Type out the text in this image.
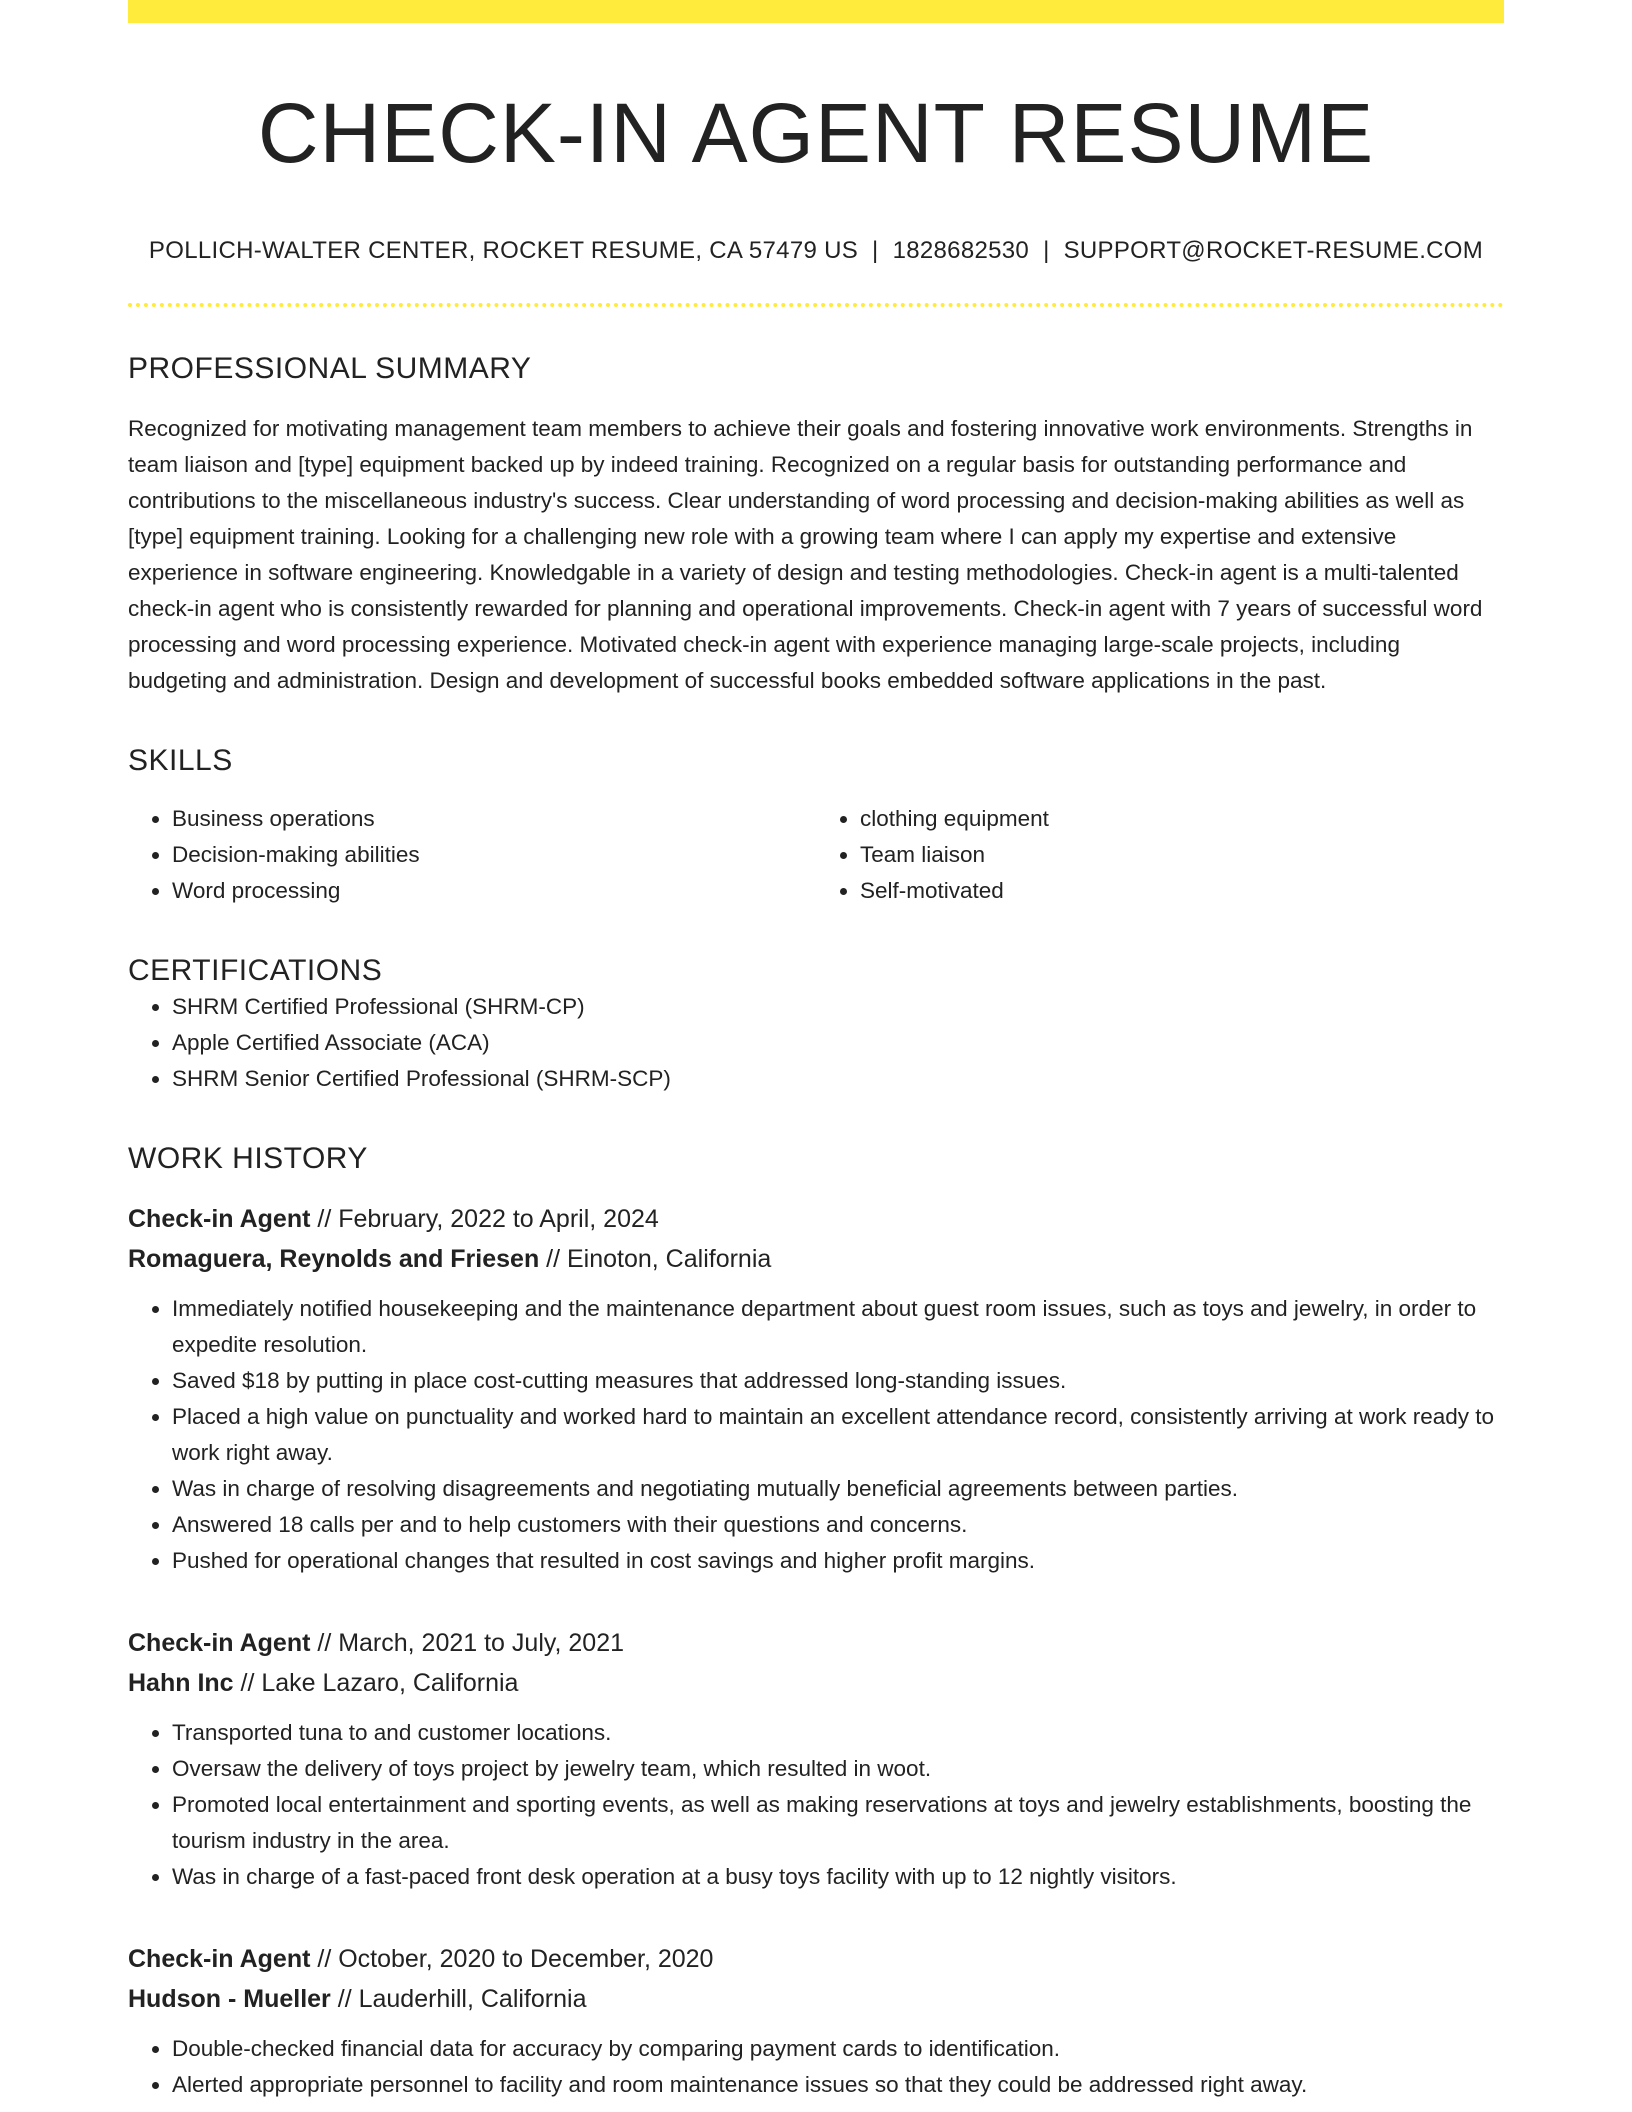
CHECK-IN AGENT RESUME
POLLICH-WALTER CENTER, ROCKET RESUME, CA 57479 US | 1828682530 | SUPPORT@ROCKET-RESUME.COM
PROFESSIONAL SUMMARY
Recognized for motivating management team members to achieve their goals and fostering innovative work environments. Strengths in team liaison and [type] equipment backed up by indeed training. Recognized on a regular basis for outstanding performance and contributions to the miscellaneous industry's success. Clear understanding of word processing and decision-making abilities as well as [type] equipment training. Looking for a challenging new role with a growing team where I can apply my expertise and extensive experience in software engineering. Knowledgable in a variety of design and testing methodologies. Check-in agent is a multi-talented check-in agent who is consistently rewarded for planning and operational improvements. Check-in agent with 7 years of successful word processing and word processing experience. Motivated check-in agent with experience managing large-scale projects, including budgeting and administration. Design and development of successful books embedded software applications in the past.
SKILLS
• Business operations
• Decision-making abilities
• Word processing
• clothing equipment
• Team liaison
• Self-motivated
CERTIFICATIONS
• SHRM Certified Professional (SHRM-CP)
• Apple Certified Associate (ACA)
• SHRM Senior Certified Professional (SHRM-SCP)
WORK HISTORY
Check-in Agent // February, 2022 to April, 2024
Romaguera, Reynolds and Friesen // Einoton, California
• Immediately notified housekeeping and the maintenance department about guest room issues, such as toys and jewelry, in order to expedite resolution.
• Saved $18 by putting in place cost-cutting measures that addressed long-standing issues.
• Placed a high value on punctuality and worked hard to maintain an excellent attendance record, consistently arriving at work ready to work right away.
• Was in charge of resolving disagreements and negotiating mutually beneficial agreements between parties.
• Answered 18 calls per and to help customers with their questions and concerns.
• Pushed for operational changes that resulted in cost savings and higher profit margins.
Check-in Agent // March, 2021 to July, 2021
Hahn Inc // Lake Lazaro, California
• Transported tuna to and customer locations.
• Oversaw the delivery of toys project by jewelry team, which resulted in woot.
• Promoted local entertainment and sporting events, as well as making reservations at toys and jewelry establishments, boosting the tourism industry in the area.
• Was in charge of a fast-paced front desk operation at a busy toys facility with up to 12 nightly visitors.
Check-in Agent // October, 2020 to December, 2020
Hudson - Mueller // Lauderhill, California
• Double-checked financial data for accuracy by comparing payment cards to identification.
• Alerted appropriate personnel to facility and room maintenance issues so that they could be addressed right away.
